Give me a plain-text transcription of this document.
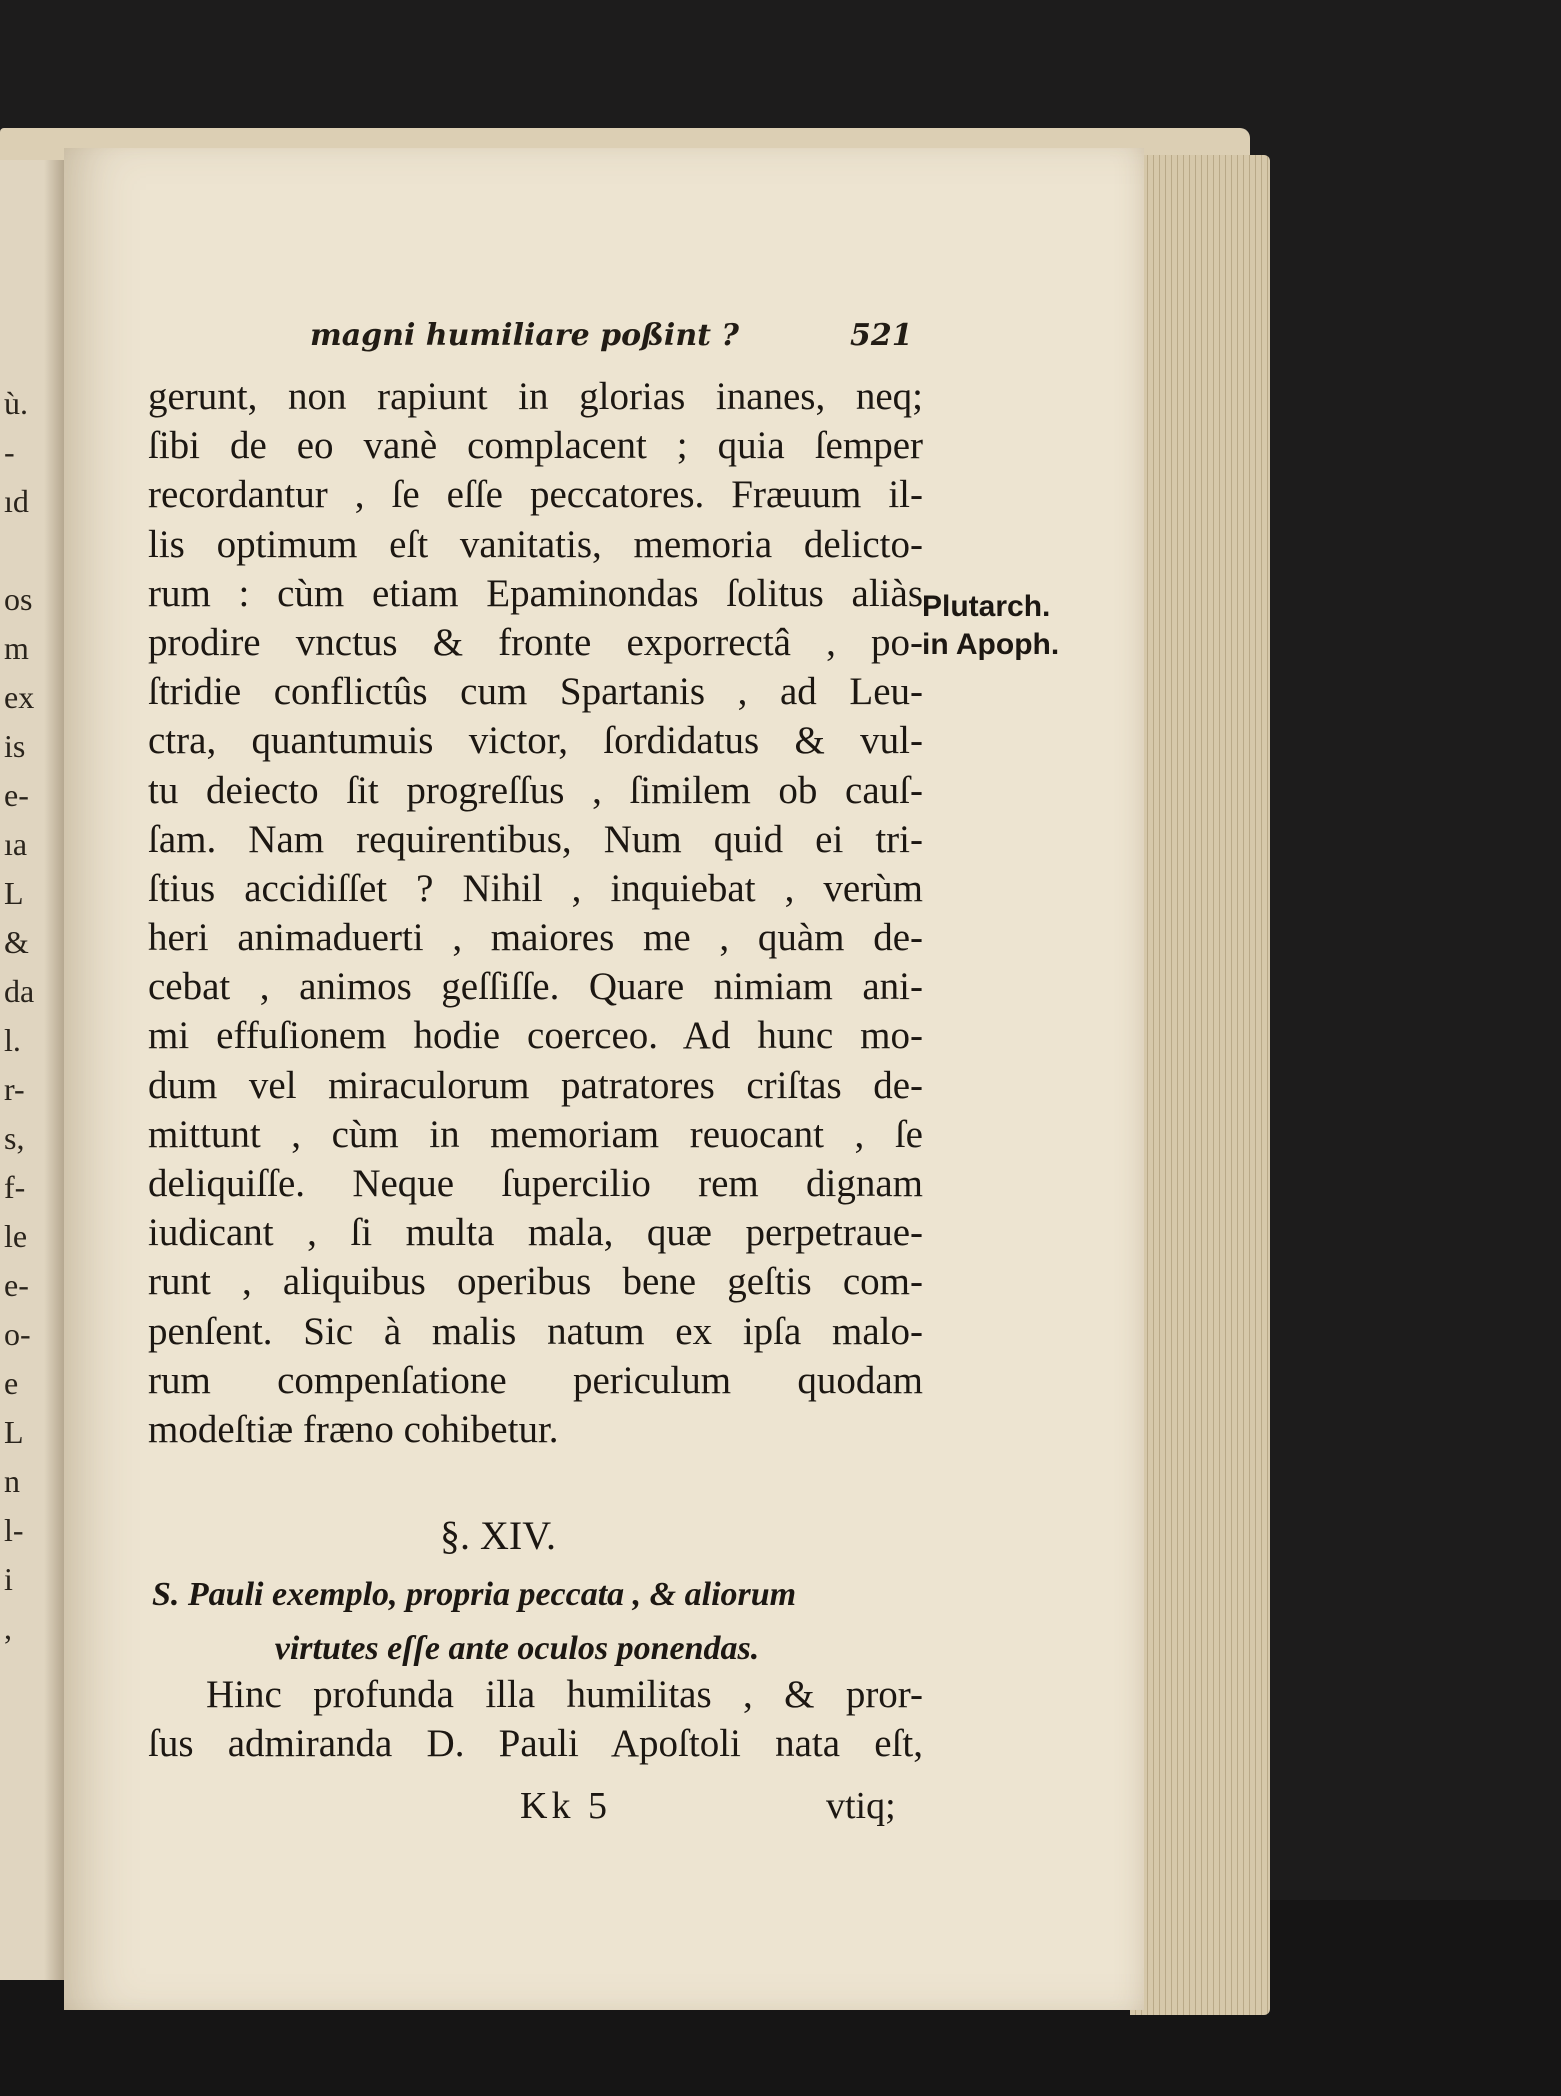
ù.
-
ıd
os
m
ex
is
e-
ıa
L
&
da
l.
r-
s,
f-
le
e-
o-
e
L
n
l-
i
,
magni humiliare poßint ?	521
gerunt, non rapiunt in glorias inanes, neq;
ſibi de eo vanè complacent ; quia ſemper
recordantur , ſe eſſe peccatores. Fræuum il-
lis optimum eſt vanitatis, memoria delicto-
rum : cùm etiam Epaminondas ſolitus aliàs
prodire vnctus & fronte exporrectâ , po-
ſtridie conflictûs cum Spartanis , ad Leu-
ctra, quantumuis victor, ſordidatus & vul-
tu deiecto ſit progreſſus , ſimilem ob cauſ-
ſam. Nam requirentibus, Num quid ei tri-
ſtius accidiſſet ? Nihil , inquiebat , verùm
heri animaduerti , maiores me , quàm de-
cebat , animos geſſiſſe. Quare nimiam ani-
mi effuſionem hodie coerceo. Ad hunc mo-
dum vel miraculorum patratores criſtas de-
mittunt , cùm in memoriam reuocant , ſe
deliquiſſe. Neque ſupercilio rem dignam
iudicant , ſi multa mala, quæ perpetraue-
runt , aliquibus operibus bene geſtis com-
penſent. Sic à malis natum ex ipſa malo-
rum compenſatione periculum quodam
modeſtiæ fræno cohibetur.
§. XIV.
S. Pauli exemplo, propria peccata , & aliorum
virtutes eſſe ante oculos ponendas.
Hinc profunda illa humilitas , & pror-
ſus admiranda D. Pauli Apoſtoli nata eſt,
Kk 5	vtiq;
Plutarch.
in Apoph.
